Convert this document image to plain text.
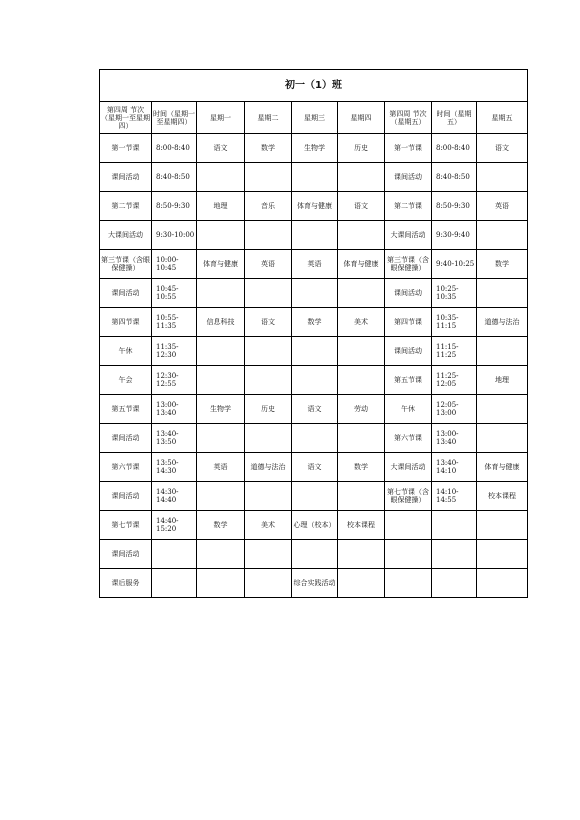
初一（1）班								
第四周 节次（星期一至星期四）	时间（星期一至星期四）	星期一	星期二	星期三	星期四	第四周 节次（星期五）	时间（星期五）	星期五
第一节课	8:00-8:40	语文	数学	生物学	历史	第一节课	8:00-8:40	语文
课间活动	8:40-8:50					课间活动	8:40-8:50	
第二节课	8:50-9:30	地理	音乐	体育与健康	语文	第二节课	8:50-9:30	英语
大课间活动	9:30-10:00					大课间活动	9:30-9:40	
第三节课（含眼保健操）	10:00-10:45	体育与健康	英语	英语	体育与健康	第三节课（含眼保健操）	9:40-10:25	数学
课间活动	10:45-10:55					课间活动	10:25-10:35	
第四节课	10:55-11:35	信息科技	语文	数学	美术	第四节课	10:35-11:15	道德与法治
午休	11:35-12:30					课间活动	11:15-11:25	
午会	12:30-12:55					第五节课	11:25-12:05	地理
第五节课	13:00-13:40	生物学	历史	语文	劳动	午休	12:05-13:00	
课间活动	13:40-13:50					第六节课	13:00-13:40	
第六节课	13:50-14:30	英语	道德与法治	语文	数学	大课间活动	13:40-14:10	体育与健康
课间活动	14:30-14:40					第七节课（含眼保健操）	14:10-14:55	校本课程
第七节课	14:40-15:20	数学	美术	心理（校本）	校本课程			
课间活动								
课后服务				综合实践活动				
